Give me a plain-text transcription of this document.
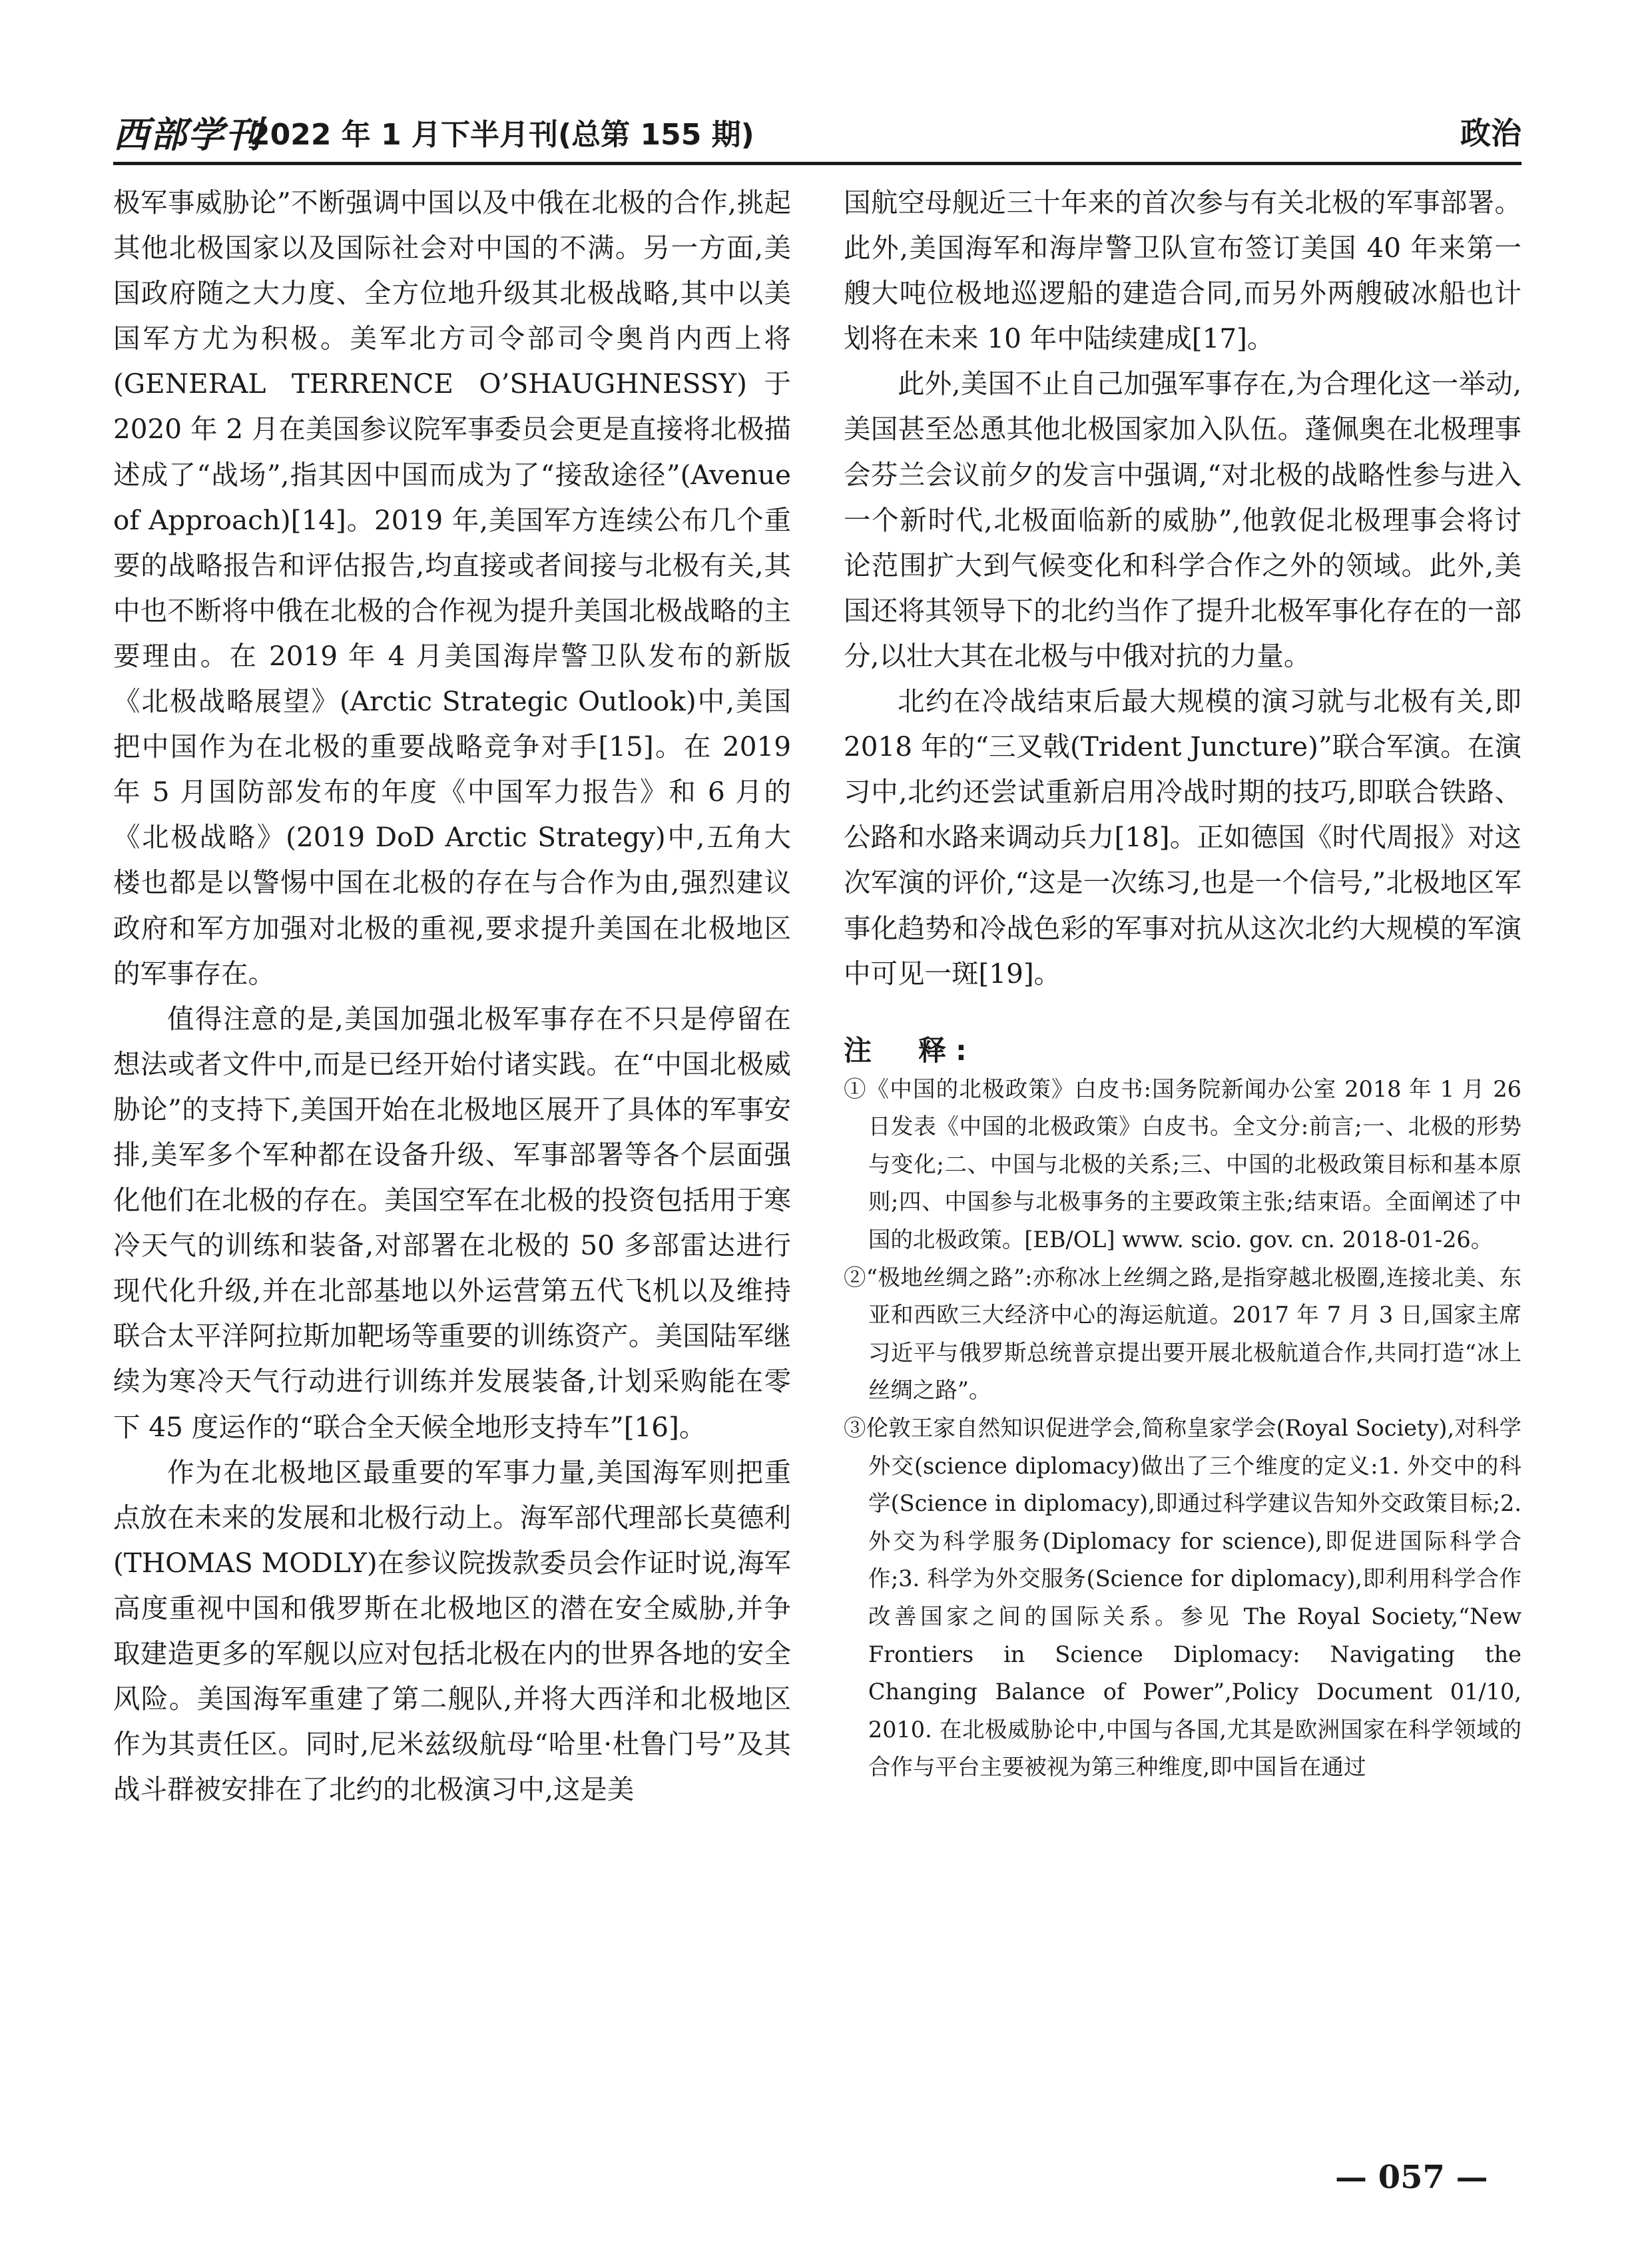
西部学刊
2022 年 1 月下半月刊(总第 155 期)	政治

极军事威胁论”不断强调中国以及中俄在北极的合作,挑起其他北极国家以及国际社会对中国的不满。另一方面,美国政府随之大力度、全方位地升级其北极战略,其中以美国军方尤为积极。美军北方司令部司令奥肖内西上将(GENERAL TERRENCE O’SHAUGHNESSY)于 2020 年 2 月在美国参议院军事委员会更是直接将北极描述成了“战场”,指其因中国而成为了“接敌途径”(Avenue of Approach)[14]。2019 年,美国军方连续公布几个重要的战略报告和评估报告,均直接或者间接与北极有关,其中也不断将中俄在北极的合作视为提升美国北极战略的主要理由。在 2019 年 4 月美国海岸警卫队发布的新版《北极战略展望》(Arctic Strategic Outlook)中,美国把中国作为在北极的重要战略竞争对手[15]。在 2019 年 5 月国防部发布的年度《中国军力报告》和 6 月的《北极战略》(2019 DoD Arctic Strategy)中,五角大楼也都是以警惕中国在北极的存在与合作为由,强烈建议政府和军方加强对北极的重视,要求提升美国在北极地区的军事存在。

值得注意的是,美国加强北极军事存在不只是停留在想法或者文件中,而是已经开始付诸实践。在“中国北极威胁论”的支持下,美国开始在北极地区展开了具体的军事安排,美军多个军种都在设备升级、军事部署等各个层面强化他们在北极的存在。美国空军在北极的投资包括用于寒冷天气的训练和装备,对部署在北极的 50 多部雷达进行现代化升级,并在北部基地以外运营第五代飞机以及维持联合太平洋阿拉斯加靶场等重要的训练资产。美国陆军继续为寒冷天气行动进行训练并发展装备,计划采购能在零下 45 度运作的“联合全天候全地形支持车”[16]。

作为在北极地区最重要的军事力量,美国海军则把重点放在未来的发展和北极行动上。海军部代理部长莫德利(THOMAS MODLY)在参议院拨款委员会作证时说,海军高度重视中国和俄罗斯在北极地区的潜在安全威胁,并争取建造更多的军舰以应对包括北极在内的世界各地的安全风险。美国海军重建了第二舰队,并将大西洋和北极地区作为其责任区。同时,尼米兹级航母“哈里·杜鲁门号”及其战斗群被安排在了北约的北极演习中,这是美

国航空母舰近三十年来的首次参与有关北极的军事部署。此外,美国海军和海岸警卫队宣布签订美国 40 年来第一艘大吨位极地巡逻船的建造合同,而另外两艘破冰船也计划将在未来 10 年中陆续建成[17]。

此外,美国不止自己加强军事存在,为合理化这一举动,美国甚至怂恿其他北极国家加入队伍。蓬佩奥在北极理事会芬兰会议前夕的发言中强调,“对北极的战略性参与进入一个新时代,北极面临新的威胁”,他敦促北极理事会将讨论范围扩大到气候变化和科学合作之外的领域。此外,美国还将其领导下的北约当作了提升北极军事化存在的一部分,以壮大其在北极与中俄对抗的力量。

北约在冷战结束后最大规模的演习就与北极有关,即 2018 年的“三叉戟(Trident Juncture)”联合军演。在演习中,北约还尝试重新启用冷战时期的技巧,即联合铁路、公路和水路来调动兵力[18]。正如德国《时代周报》对这次军演的评价,“这是一次练习,也是一个信号,”北极地区军事化趋势和冷战色彩的军事对抗从这次北约大规模的军演中可见一斑[19]。

注　释:

①《中国的北极政策》白皮书:国务院新闻办公室 2018 年 1 月 26 日发表《中国的北极政策》白皮书。全文分:前言;一、北极的形势与变化;二、中国与北极的关系;三、中国的北极政策目标和基本原则;四、中国参与北极事务的主要政策主张;结束语。全面阐述了中国的北极政策。[EB/OL] www. scio. gov. cn. 2018-01-26。

②“极地丝绸之路”:亦称冰上丝绸之路,是指穿越北极圈,连接北美、东亚和西欧三大经济中心的海运航道。2017 年 7 月 3 日,国家主席习近平与俄罗斯总统普京提出要开展北极航道合作,共同打造“冰上丝绸之路”。

③伦敦王家自然知识促进学会,简称皇家学会(Royal Society),对科学外交(science diplomacy)做出了三个维度的定义:1. 外交中的科学(Science in diplomacy),即通过科学建议告知外交政策目标;2. 外交为科学服务(Diplomacy for science),即促进国际科学合作;3. 科学为外交服务(Science for diplomacy),即利用科学合作改善国家之间的国际关系。参见 The Royal Society,“New Frontiers in Science Diplomacy: Navigating the Changing Balance of Power”,Policy Document 01/10, 2010. 在北极威胁论中,中国与各国,尤其是欧洲国家在科学领域的合作与平台主要被视为第三种维度,即中国旨在通过

— 057 —
